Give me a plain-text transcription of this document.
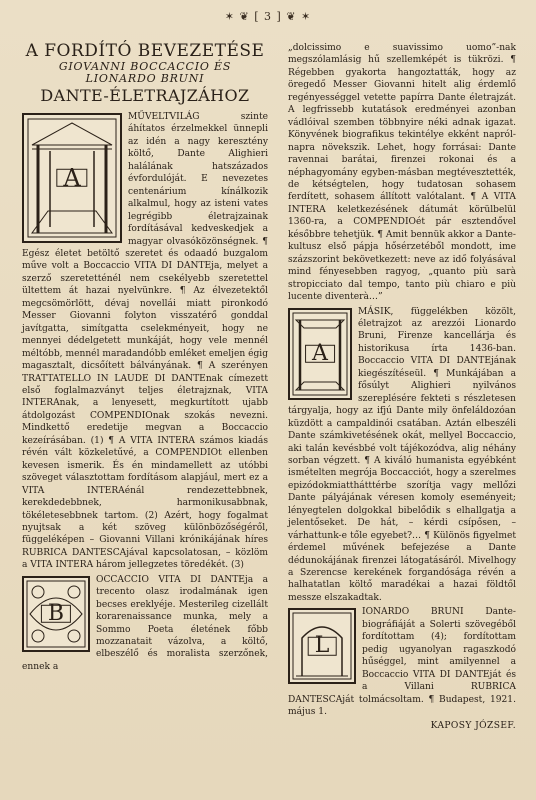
✶ ❦ [ 3 ] ❦ ✶
A FORDÍTÓ BEVEZETÉSE
GIOVANNI BOCCACCIO ÉS LIONARDO BRUNI
DANTE-ÉLETRAJZÁHOZ
A

MŰVELTVILÁG szinte áhítatos érzelmekkel ünnepli az idén a nagy keresztény költő, Dante Alighieri halálának hatszázados évfordulóját. E nevezetes centenárium kínálkozik alkalmul, hogy az isteni vates legrégibb életrajzainak fordításával kedveskedjek a magyar olvasóközönségnek. ¶ Egész életet betöltő szeretet és odaadó buzgalom műve volt a Boccaccio VITA DI DANTEja, melyet a szerző szeretetténél nem csekélyebb szeretettel ültettem át hazai nyelvünkre. ¶ Az élvezetektől megcsömörlött, dévaj novellái miatt pironkodó Messer Giovanni folyton visszatérő gonddal javítgatta, simítgatta cselekményeit, hogy ne mennyei dédelgetett munkáját, hogy vele mennél méltóbb, mennél maradandóbb emléket emeljen égig magasztalt, dicsőített bálványának. ¶ A szerényen TRATTATELLO IN LAUDE DI DANTEnak címezett első foglalmazványt teljes életrajznak, VITA INTERAnak, a lenyesett, megkurtított ujabb átdolgozást COMPENDIOnak szokás nevezni. Mindkettő eredetije megvan a Boccaccio kezeírásában. (1) ¶ A VITA INTERA számos kiadás révén vált közkeletűvé, a COMPENDIOt ellenben kevesen ismerik. És én mindamellett az utóbbi szöveget választottam fordításom alapjául, mert ez a VITA INTERAénál rendezettebbnek, kerekdedebbnek, harmonikusabbnak, tökéletesebbnek tartom. (2) Azért, hogy fogalmat nyujtsak a két szöveg különbözőségéről, függeléképen – Giovanni Villani krónikájának híres RUBRICA DANTESCAjával kapcsolatosan, – közlöm a VITA INTERA három jellegzetes töredékét. (3)

B

OCCACCIO VITA DI DANTEja a trecento olasz irodalmának igen becses ereklyéje. Mesterileg cizellált korarenaissance munka, mely a Sommo Poeta életének főbb mozzanatait vázolva, a költő, elbeszélő és moralista szerzőnek, ennek a

„dolcissimo e suavissimo uomo”-nak megszólamlásig hű szellemképét is tükrözi. ¶ Régebben gyakorta hangoztatták, hogy az öregedő Messer Giovanni hitelt alig érdemlő regényességgel vetette papírra Dante életrajzát. A legfrissebb kutatások eredményei azonban vádlóival szemben többnyire néki adnak igazat. Könyvének biografikus tekintélye ekként napról-napra növekszik. Lehet, hogy forrásai: Dante ravennai barátai, firenzei rokonai és a néphagyomány egyben-másban megtévesztették, de kétségtelen, hogy tudatosan sohasem ferdített, sohasem állított valótalant. ¶ A VITA INTERA keletkezésének dátumát körülbelül 1360-ra, a COMPENDIOét pár esztendővel későbbre tehetjük. ¶ Amit bennük akkor a Dante-kultusz első pápja hősérzetéből mondott, ime százszorint bekövetkezett: neve az idő folyásával mind fényesebben ragyog, „quanto più sarà stropicciato dal tempo, tanto più chiaro e più lucente diventerà…”

A

MÁSIK, függelékben közölt, életrajzot az arezzói Lionardo Bruni, Firenze kancellárja és historikusa írta 1436-ban. Boccaccio VITA DI DANTEjának kiegészítéseül. ¶ Munkájában a fősúlyt Alighieri nyilvános szereplésére fekteti s részletesen tárgyalja, hogy az ifjú Dante mily önfeláldozóan küzdött a campaldinói csatában. Aztán elbeszéli Dante számkivetésének okát, mellyel Boccaccio, aki talán kevésbbé volt tájékozódva, alig néhány sorban végzett. ¶ A kiváló humanista egyébként ismételten megrója Boccacciót, hogy a szerelmes epizódokmiatthátttérbe szorítja vagy mellőzi Dante pályájának véresen komoly eseményeit; lényegtelen dolgokkal bibelődik s elhallgatja a jelentőseket. De hát, – kérdi csípősen, – várhattunk-e tőle egyebet?… ¶ Különös figyelmet érdemel művének befejezése a Dante dédunokájának firenzei látogatásáról. Mivelhogy a Szerencse kerekének forgandósága révén a halhatatlan költő maradékai a hazai földtől messze elszakadtak.

L

IONARDO BRUNI Dante-biográfiáját a Solerti szövegéből fordítottam (4); fordítottam pedig ugyanolyan ragaszkodó hűséggel, mint amilyennel a Boccaccio VITA DI DANTEját és a Villani RUBRICA DANTESCAját tolmácsoltam. ¶ Budapest, 1921. május 1.

KAPOSY JÓZSEF.
